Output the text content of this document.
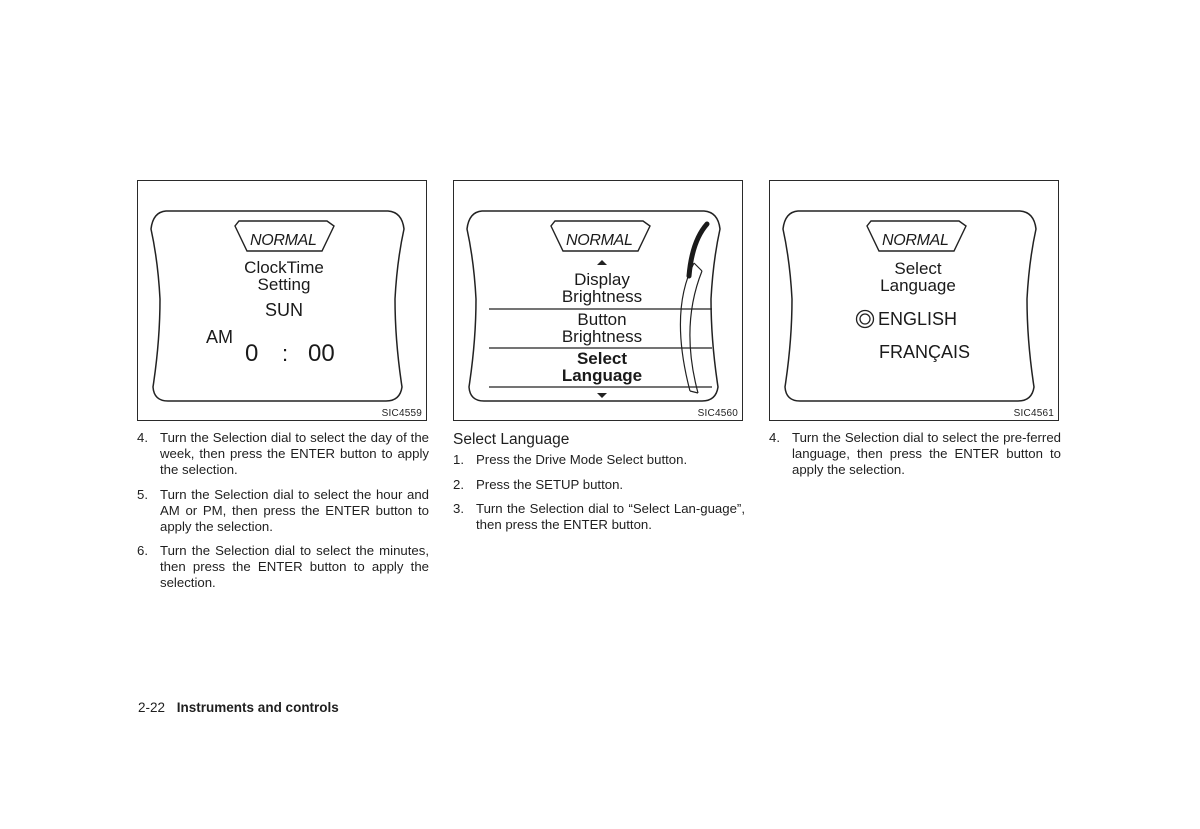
NORMAL
ClockTime
Setting
SUN
AM
0 : 00
SIC4559
NORMAL
Display
Brightness
Button
Brightness
Select
Language
SIC4560
NORMAL
Select
Language
ENGLISH
FRANÇAIS
SIC4561
4. Turn the Selection dial to select the day of the week, then press the ENTER button to apply the selection.
5. Turn the Selection dial to select the hour and AM or PM, then press the ENTER button to apply the selection.
6. Turn the Selection dial to select the minutes, then press the ENTER button to apply the selection.
Select Language
1. Press the Drive Mode Select button.
2. Press the SETUP button.
3. Turn the Selection dial to “Select Lan-guage”, then press the ENTER button.
4. Turn the Selection dial to select the pre-ferred language, then press the ENTER button to apply the selection.
2-22 Instruments and controls
